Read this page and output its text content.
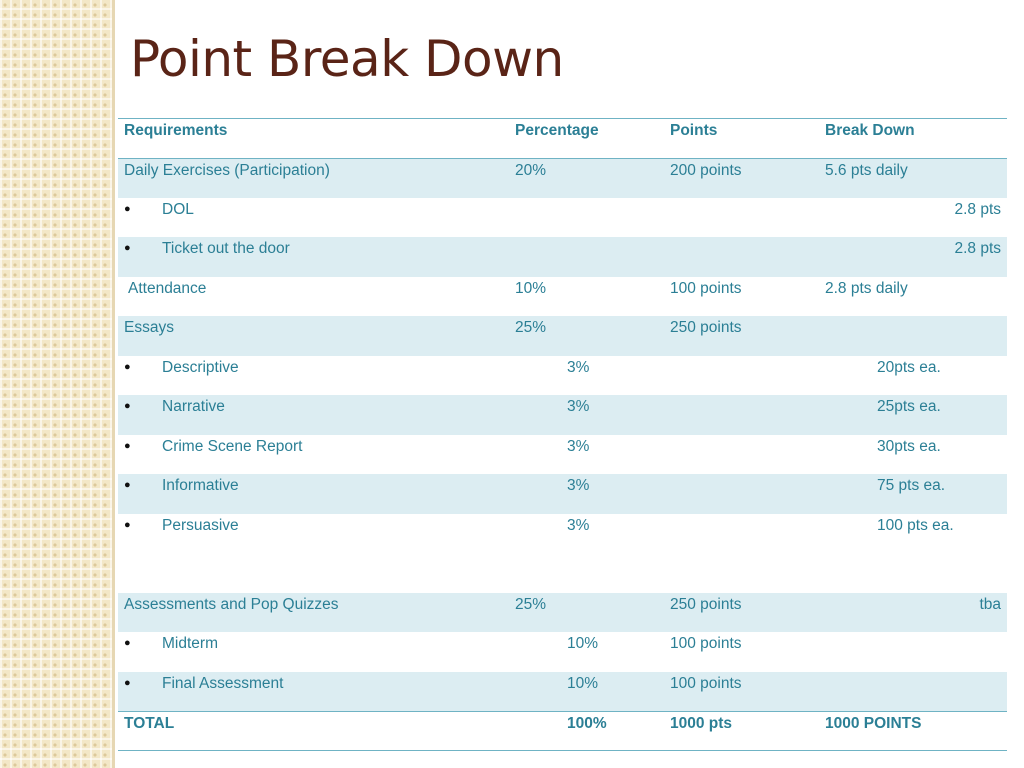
Point Break Down
Requirements	Percentage	Points	Break Down
Daily Exercises (Participation)	20%	200 points	5.6 pts daily
● DOL			2.8 pts
● Ticket out the door			2.8 pts
Attendance	10%	100 points	2.8 pts daily
Essays	25%	250 points	
● Descriptive	3%		20pts ea.
● Narrative	3%		25pts ea.
● Crime Scene Report	3%		30pts ea.
● Informative	3%		75 pts ea.
● Persuasive	3%		100 pts ea.
Assessments and Pop Quizzes	25%	250 points	tba
● Midterm	10%	100 points	
● Final Assessment	10%	100 points	
TOTAL	100%	1000 pts	1000 POINTS
